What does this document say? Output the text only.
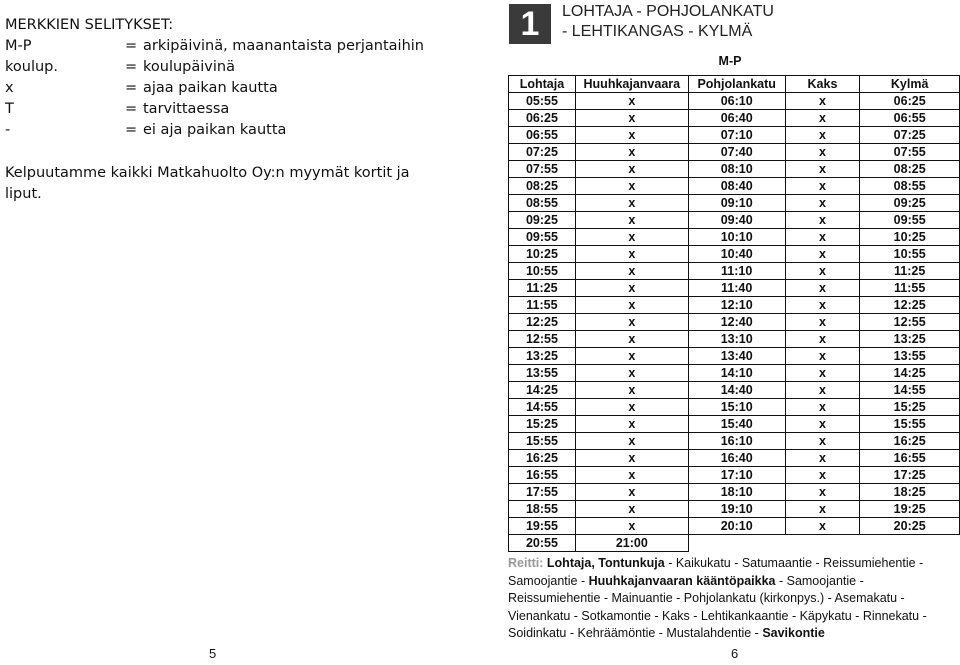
MERKKIEN SELITYKSET:
M-P	= arkipäivinä, maanantaista perjantaihin
koulup.	= koulupäivinä
x	= ajaa paikan kautta
T	= tarvittaessa
-	= ei aja paikan kautta
Kelpuutamme kaikki Matkahuolto Oy:n myymät kortit ja liput.
5
1	LOHTAJA - POHJOLANKATU
- LEHTIKANGAS - KYLMÄ
M-P
Lohtaja	Huuhkajanvaara	Pohjolankatu	Kaks	Kylmä
05:55	x	06:10	x	06:25
06:25	x	06:40	x	06:55
06:55	x	07:10	x	07:25
07:25	x	07:40	x	07:55
07:55	x	08:10	x	08:25
08:25	x	08:40	x	08:55
08:55	x	09:10	x	09:25
09:25	x	09:40	x	09:55
09:55	x	10:10	x	10:25
10:25	x	10:40	x	10:55
10:55	x	11:10	x	11:25
11:25	x	11:40	x	11:55
11:55	x	12:10	x	12:25
12:25	x	12:40	x	12:55
12:55	x	13:10	x	13:25
13:25	x	13:40	x	13:55
13:55	x	14:10	x	14:25
14:25	x	14:40	x	14:55
14:55	x	15:10	x	15:25
15:25	x	15:40	x	15:55
15:55	x	16:10	x	16:25
16:25	x	16:40	x	16:55
16:55	x	17:10	x	17:25
17:55	x	18:10	x	18:25
18:55	x	19:10	x	19:25
19:55	x	20:10	x	20:25
20:55	21:00			
Reitti: Lohtaja, Tontunkuja - Kaikukatu - Satumaantie - Reissumiehentie - Samoojantie - Huuhkajanvaaran kääntöpaikka - Samoojantie - Reissumiehentie - Mainuantie - Pohjolankatu (kirkonpys.) - Asemakatu - Vienankatu - Sotkamontie - Kaks - Lehtikankaantie - Käpykatu - Rinnekatu - Soidinkatu - Kehräämöntie - Mustalahdentie - Savikontie
6
